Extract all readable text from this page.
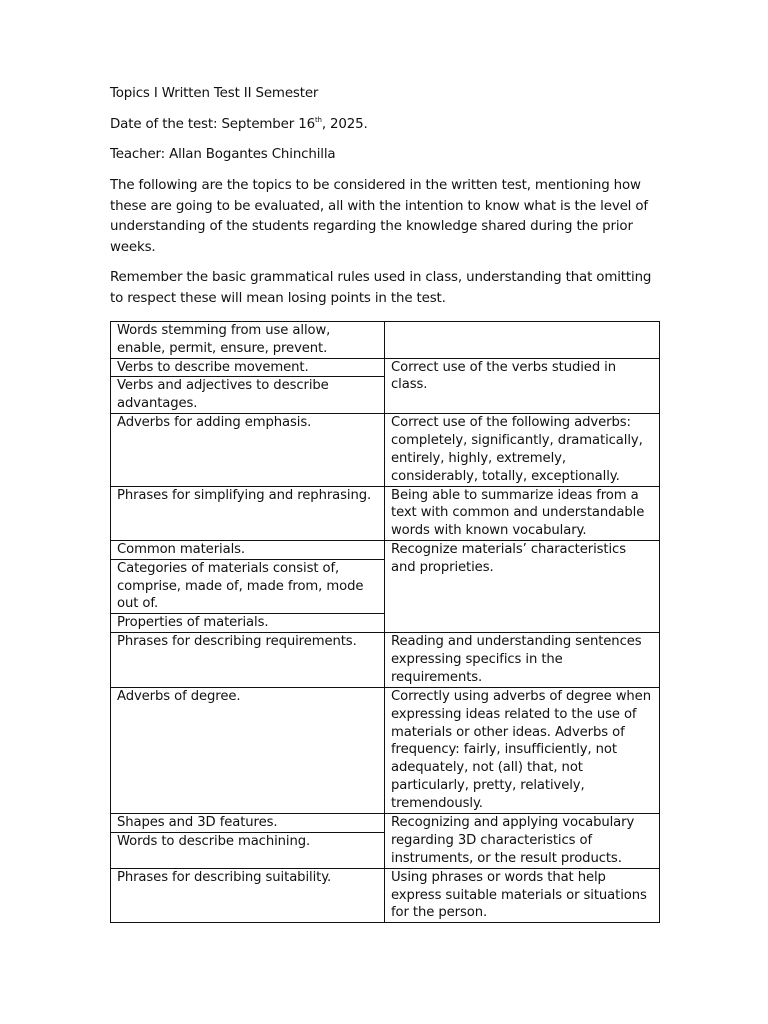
Topics I Written Test II Semester

Date of the test: September 16th, 2025.

Teacher: Allan Bogantes Chinchilla

The following are the topics to be considered in the written test, mentioning how these are going to be evaluated, all with the intention to know what is the level of understanding of the students regarding the knowledge shared during the prior weeks.

Remember the basic grammatical rules used in class, understanding that omitting to respect these will mean losing points in the test.

Words stemming from use allow, enable, permit, ensure, prevent.	
Verbs to describe movement.	Correct use of the verbs studied in class.
Verbs and adjectives to describe advantages.	
Adverbs for adding emphasis.	Correct use of the following adverbs: completely, significantly, dramatically, entirely, highly, extremely, considerably, totally, exceptionally.
Phrases for simplifying and rephrasing.	Being able to summarize ideas from a text with common and understandable words with known vocabulary.
Common materials.	Recognize materials’ characteristics and proprieties.
Categories of materials consist of, comprise, made of, made from, mode out of.	
Properties of materials.	
Phrases for describing requirements.	Reading and understanding sentences expressing specifics in the requirements.
Adverbs of degree.	Correctly using adverbs of degree when expressing ideas related to the use of materials or other ideas. Adverbs of frequency: fairly, insufficiently, not adequately, not (all) that, not particularly, pretty, relatively, tremendously.
Shapes and 3D features.	Recognizing and applying vocabulary regarding 3D characteristics of instruments, or the result products.
Words to describe machining.	
Phrases for describing suitability.	Using phrases or words that help express suitable materials or situations for the person.
